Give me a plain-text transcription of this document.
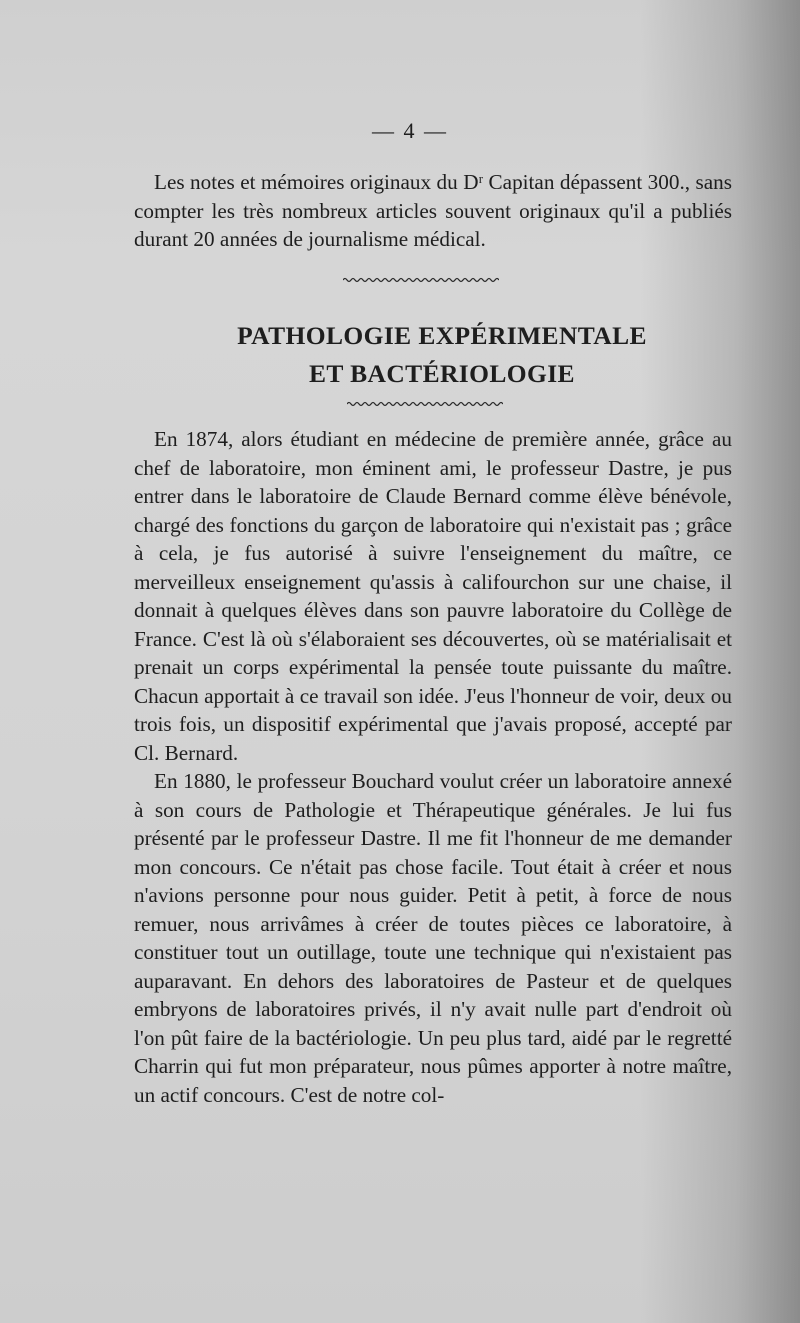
— 4 —

Les notes et mémoires originaux du Dʳ Capitan dépassent 300., sans compter les très nombreux articles souvent originaux qu'il a publiés durant 20 années de journalisme médical.

PATHOLOGIE EXPÉRIMENTALE
ET BACTÉRIOLOGIE

En 1874, alors étudiant en médecine de première année, grâce au chef de laboratoire, mon éminent ami, le professeur Dastre, je pus entrer dans le laboratoire de Claude Bernard comme élève bénévole, chargé des fonctions du garçon de laboratoire qui n'existait pas ; grâce à cela, je fus autorisé à suivre l'enseignement du maître, ce merveilleux enseignement qu'assis à califourchon sur une chaise, il donnait à quelques élèves dans son pauvre laboratoire du Collège de France. C'est là où s'élaboraient ses découvertes, où se matérialisait et prenait un corps expérimental la pensée toute puissante du maître. Chacun apportait à ce travail son idée. J'eus l'honneur de voir, deux ou trois fois, un dispositif expérimental que j'avais proposé, accepté par Cl. Bernard.

En 1880, le professeur Bouchard voulut créer un laboratoire annexé à son cours de Pathologie et Thérapeutique générales. Je lui fus présenté par le professeur Dastre. Il me fit l'honneur de me demander mon concours. Ce n'était pas chose facile. Tout était à créer et nous n'avions personne pour nous guider. Petit à petit, à force de nous remuer, nous arrivâmes à créer de toutes pièces ce laboratoire, à constituer tout un outillage, toute une technique qui n'existaient pas auparavant. En dehors des laboratoires de Pasteur et de quelques embryons de laboratoires privés, il n'y avait nulle part d'endroit où l'on pût faire de la bactériologie. Un peu plus tard, aidé par le regretté Charrin qui fut mon préparateur, nous pûmes apporter à notre maître, un actif concours. C'est de notre col-
